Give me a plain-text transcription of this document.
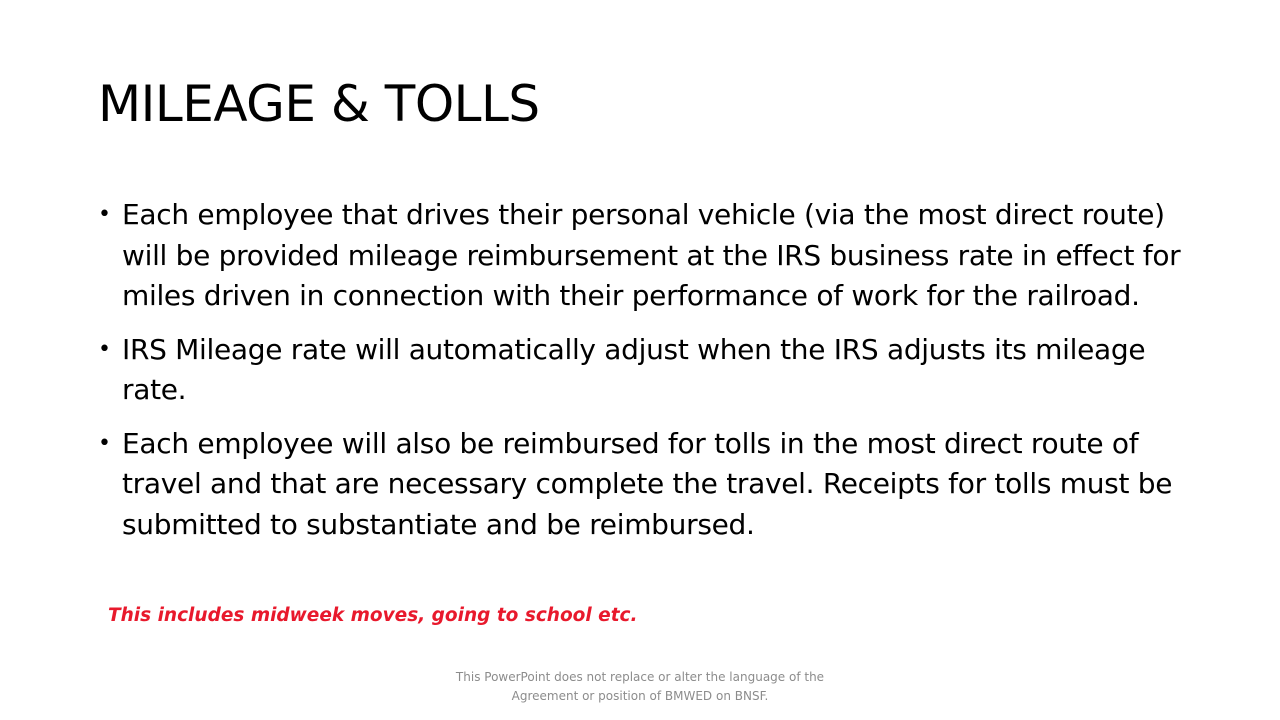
MILEAGE & TOLLS
• Each employee that drives their personal vehicle (via the most direct route) will be provided mileage reimbursement at the IRS business rate in effect for miles driven in connection with their performance of work for the railroad.
• IRS Mileage rate will automatically adjust when the IRS adjusts its mileage rate.
• Each employee will also be reimbursed for tolls in the most direct route of travel and that are necessary complete the travel. Receipts for tolls must be submitted to substantiate and be reimbursed.

This includes midweek moves, going to school etc.

This PowerPoint does not replace or alter the language of the
Agreement or position of BMWED on BNSF.
